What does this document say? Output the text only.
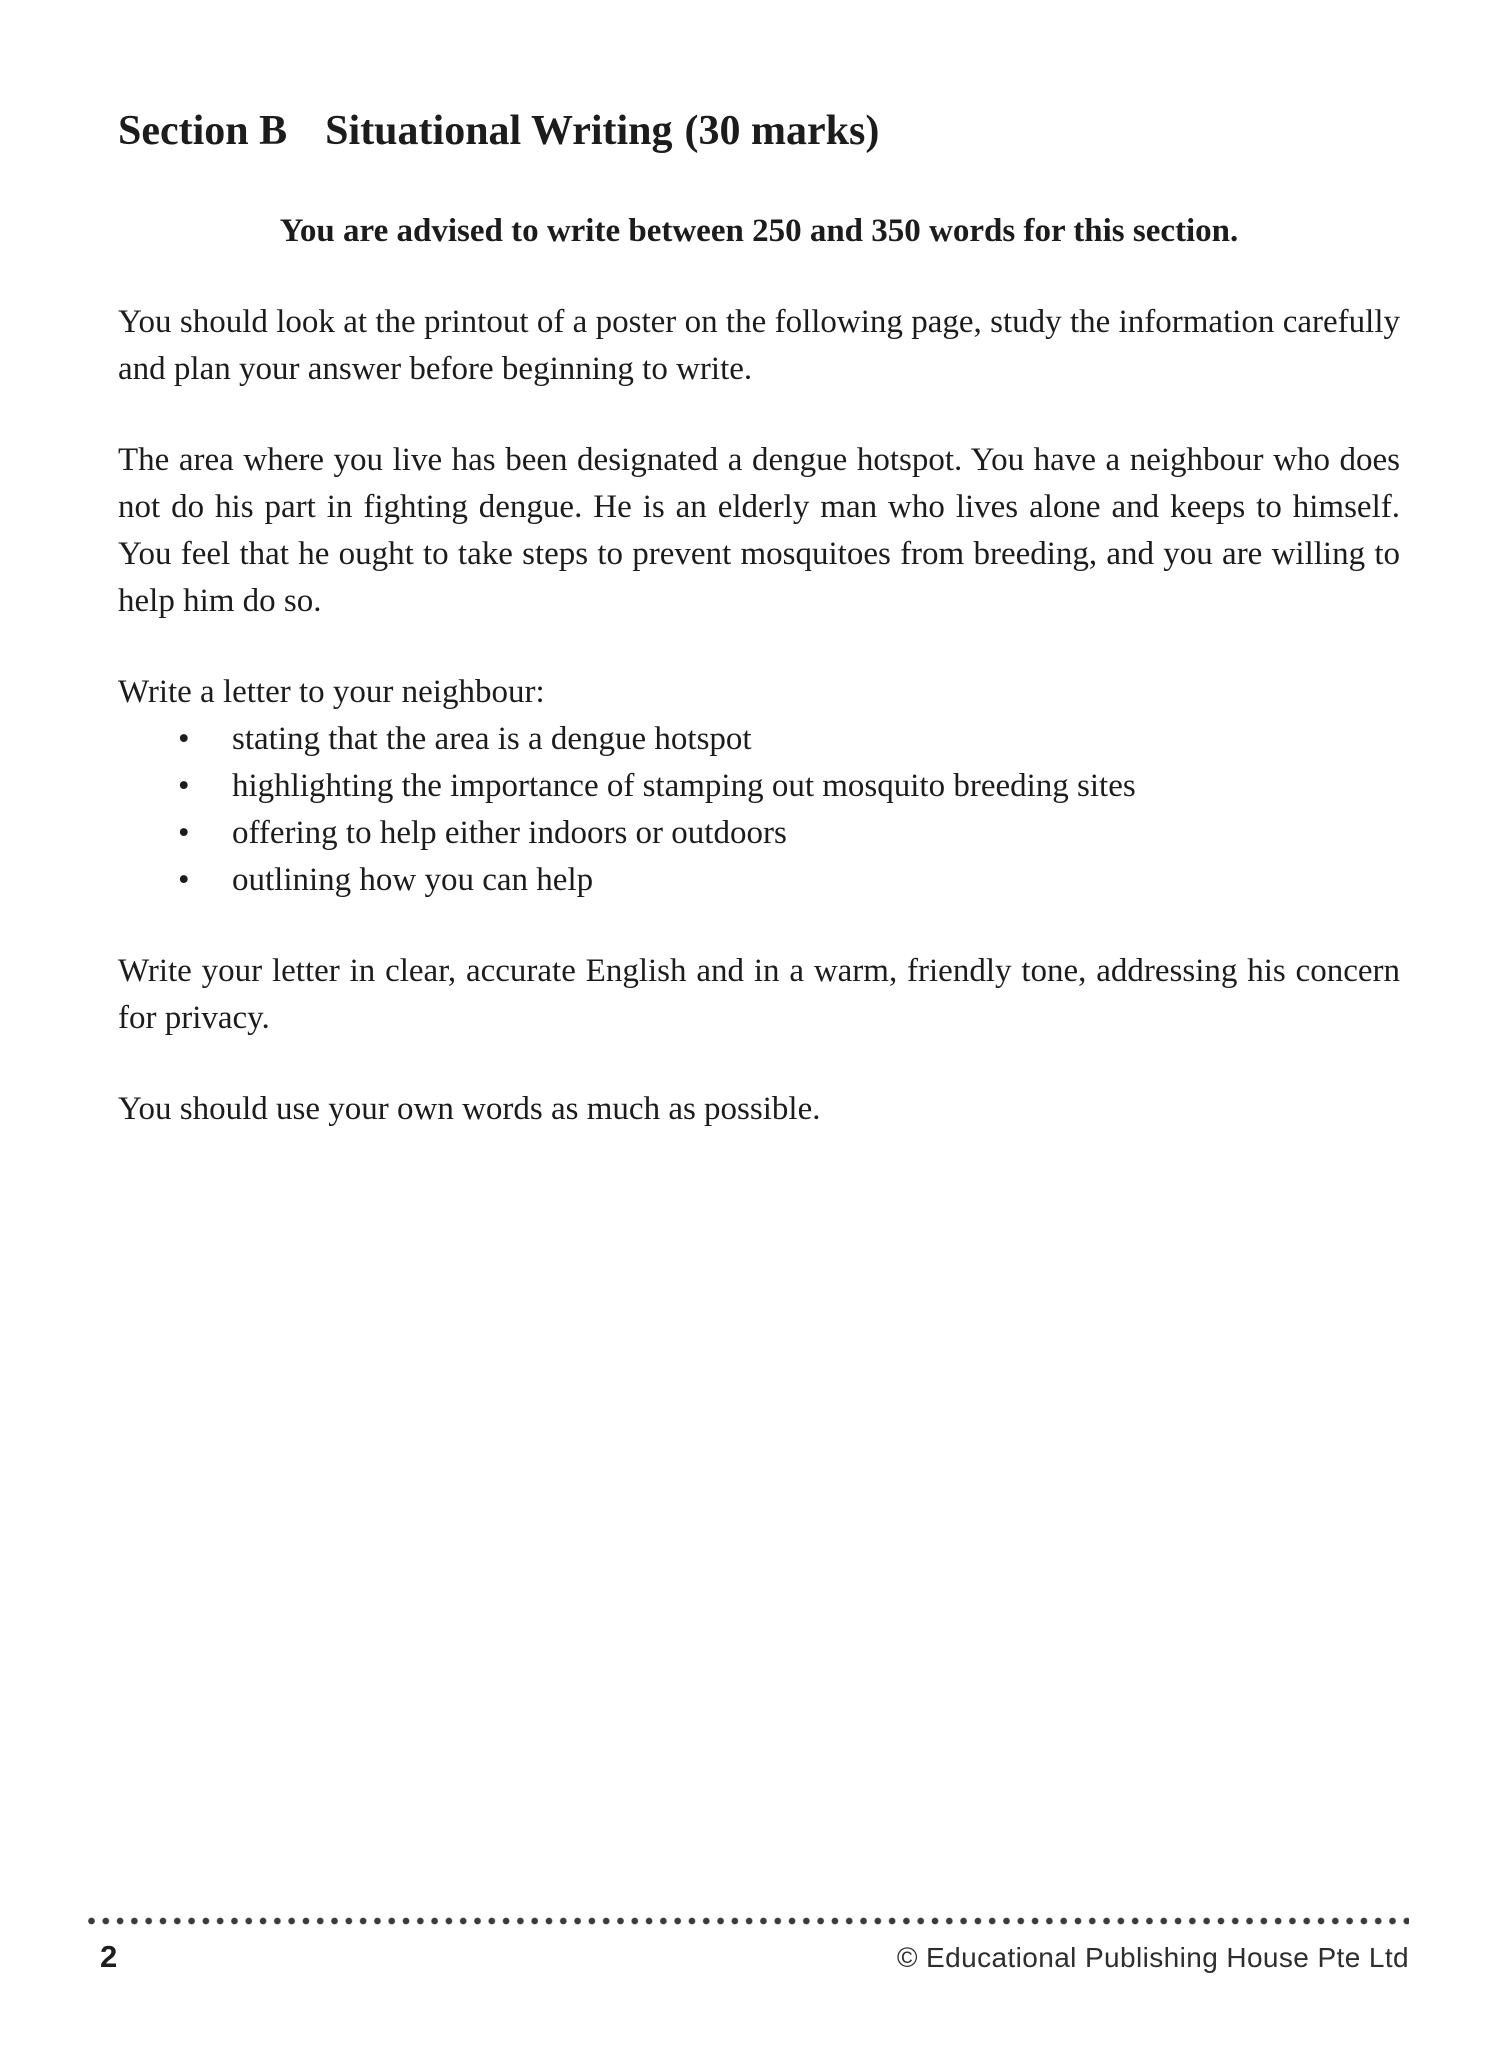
Section B Situational Writing (30 marks)

You are advised to write between 250 and 350 words for this section.

You should look at the printout of a poster on the following page, study the information carefully and plan your answer before beginning to write.

The area where you live has been designated a dengue hotspot. You have a neighbour who does not do his part in fighting dengue. He is an elderly man who lives alone and keeps to himself. You feel that he ought to take steps to prevent mosquitoes from breeding, and you are willing to help him do so.

Write a letter to your neighbour:

•	stating that the area is a dengue hotspot
•	highlighting the importance of stamping out mosquito breeding sites
•	offering to help either indoors or outdoors
•	outlining how you can help

Write your letter in clear, accurate English and in a warm, friendly tone, addressing his concern for privacy.

You should use your own words as much as possible.

2	© Educational Publishing House Pte Ltd
